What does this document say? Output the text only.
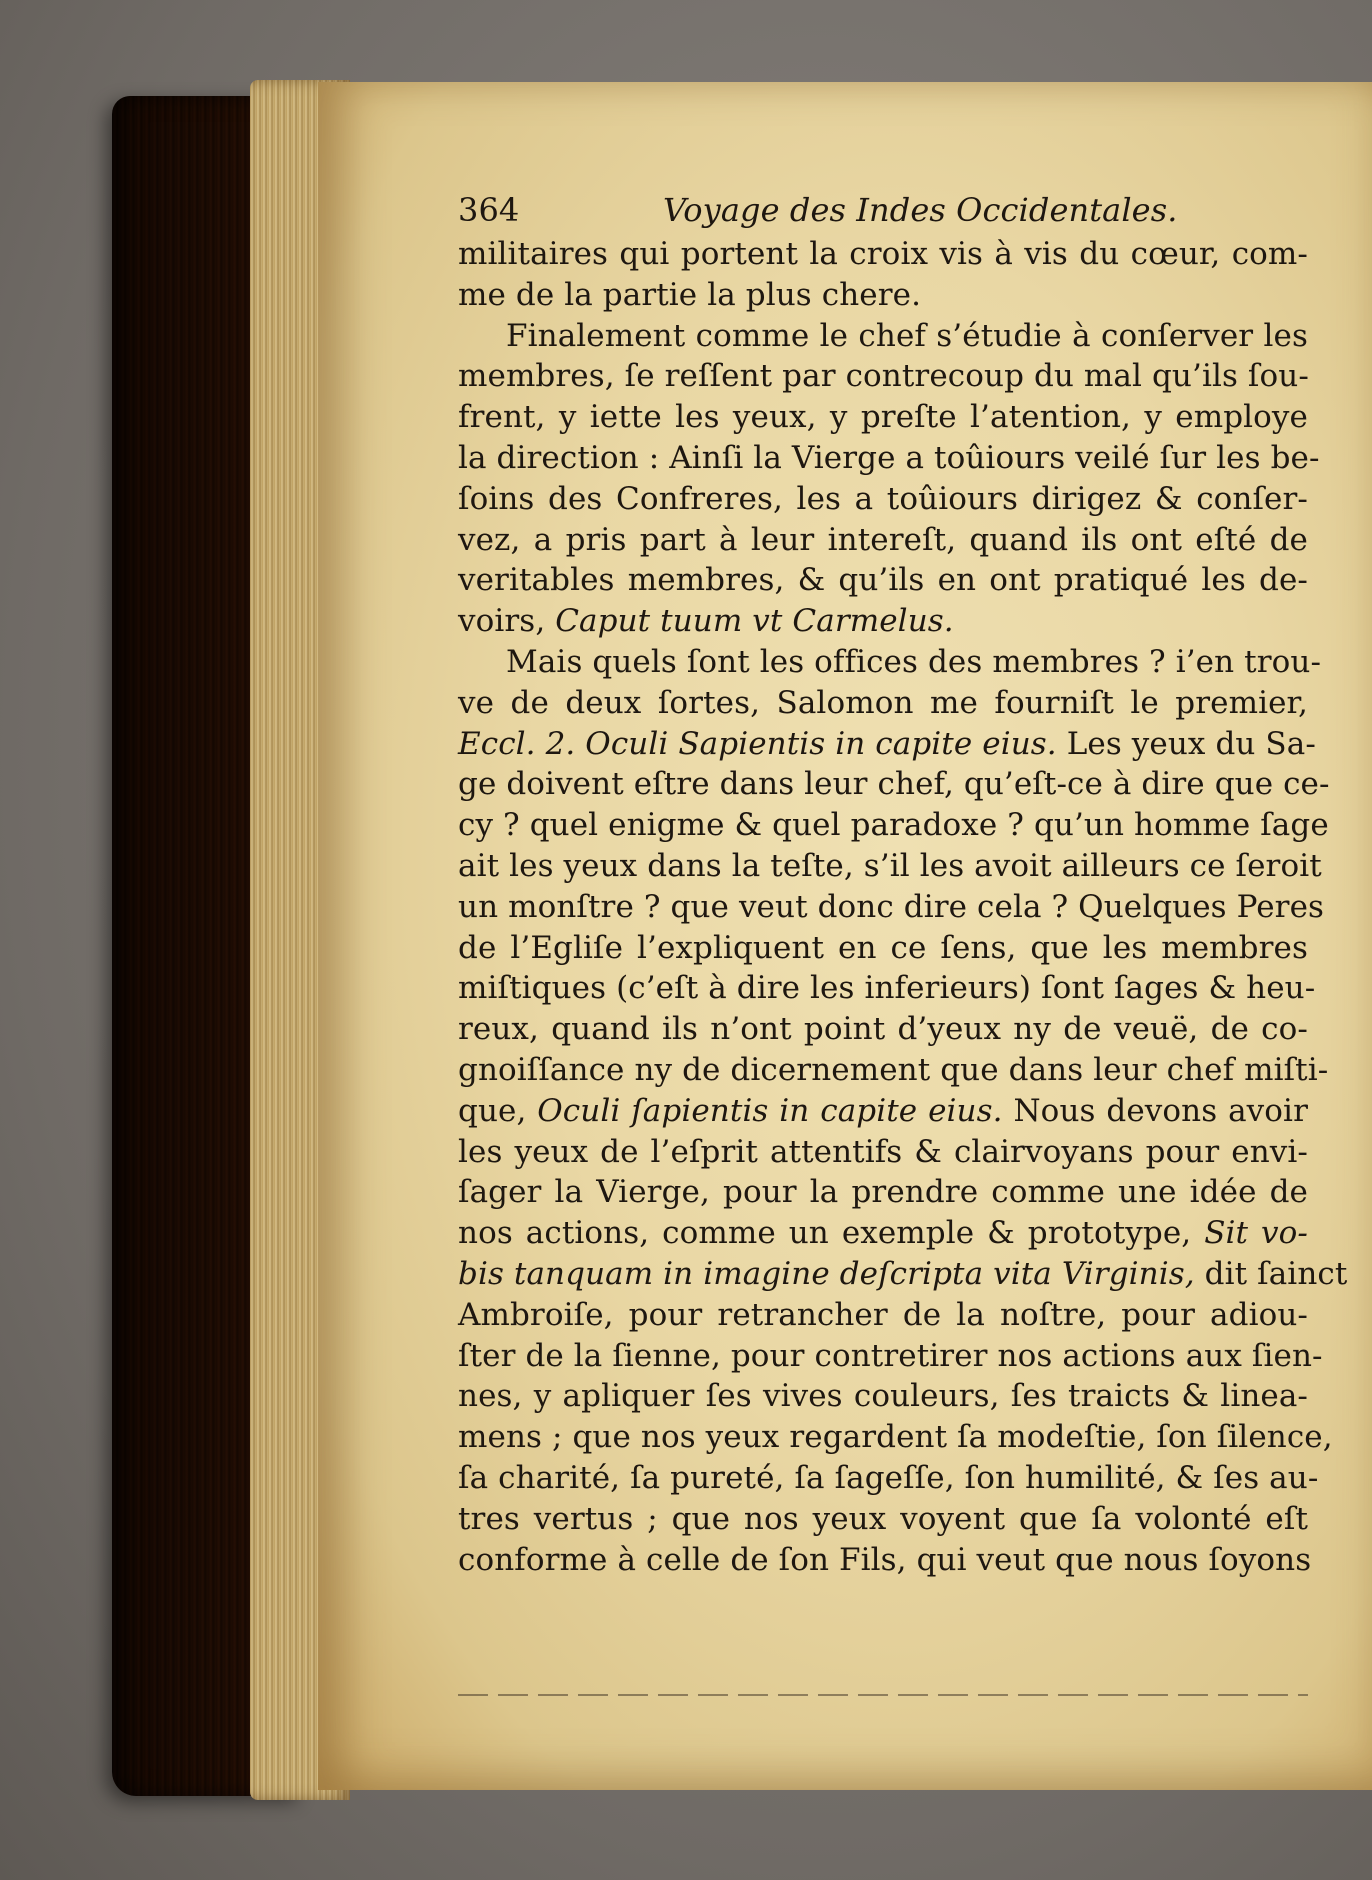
364	Voyage des Indes Occidentales.
militaires qui portent la croix vis à vis du cœur, com-
me de la partie la plus chere.
Finalement comme le chef s’étudie à conſerver les
membres, ſe reſſent par contrecoup du mal qu’ils ſou-
frent, y iette les yeux, y preſte l’atention, y employe
la direction : Ainſi la Vierge a toûiours veilé ſur les be-
ſoins des Confreres, les a toûiours dirigez & conſer-
vez, a pris part à leur intereſt, quand ils ont eſté de
veritables membres, & qu’ils en ont pratiqué les de-
voirs, Caput tuum vt Carmelus.
Mais quels ſont les offices des membres ? i’en trou-
ve de deux ſortes, Salomon me fourniſt le premier,
Eccl. 2. Oculi Sapientis in capite eius. Les yeux du Sa-
ge doivent eſtre dans leur chef, qu’eſt-ce à dire que ce-
cy ? quel enigme & quel paradoxe ? qu’un homme ſage
ait les yeux dans la teſte, s’il les avoit ailleurs ce ſeroit
un monſtre ? que veut donc dire cela ? Quelques Peres
de l’Egliſe l’expliquent en ce ſens, que les membres
miſtiques (c’eſt à dire les inferieurs) ſont ſages & heu-
reux, quand ils n’ont point d’yeux ny de veuë, de co-
gnoiſſance ny de dicernement que dans leur chef miſti-
que, Oculi ſapientis in capite eius. Nous devons avoir
les yeux de l’eſprit attentifs & clairvoyans pour envi-
ſager la Vierge, pour la prendre comme une idée de
nos actions, comme un exemple & prototype, Sit vo-
bis tanquam in imagine deſcripta vita Virginis, dit ſainct
Ambroiſe, pour retrancher de la noſtre, pour adiou-
ſter de la ſienne, pour contretirer nos actions aux ſien-
nes, y apliquer ſes vives couleurs, ſes traicts & linea-
mens ; que nos yeux regardent ſa modeſtie, ſon ſilence,
ſa charité, ſa pureté, ſa ſageſſe, ſon humilité, & ſes au-
tres vertus ; que nos yeux voyent que ſa volonté eſt
conforme à celle de ſon Fils, qui veut que nous ſoyons
